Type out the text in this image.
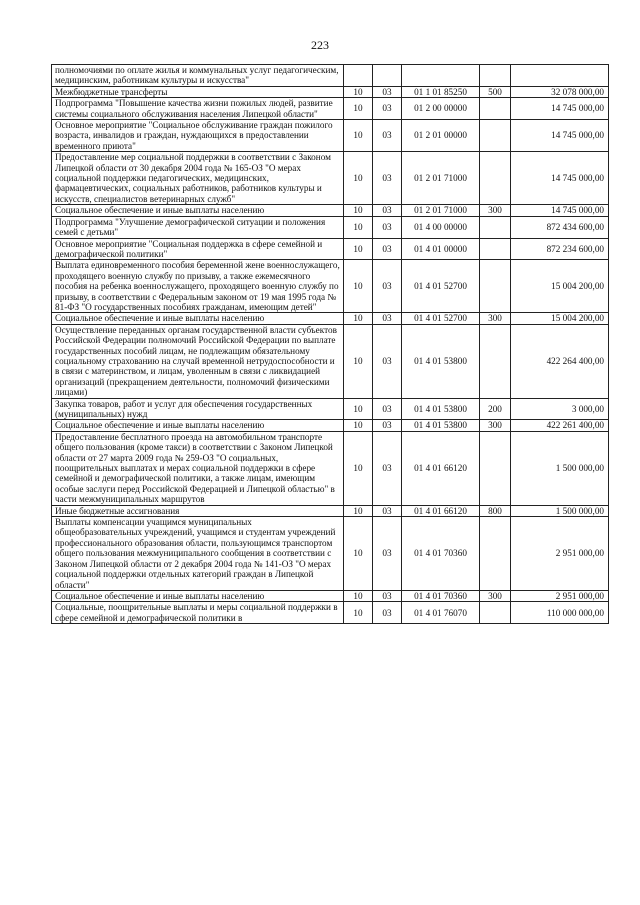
223
полномочиями по оплате жилья и коммунальных услуг педагогическим, медицинским, работникам культуры и искусства"					
Межбюджетные трансферты	10	03	01 1 01 85250	500	32 078 000,00
Подпрограмма "Повышение качества жизни пожилых людей, развитие системы социального обслуживания населения Липецкой области"	10	03	01 2 00 00000		14 745 000,00
Основное мероприятие "Социальное обслуживание граждан пожилого возраста, инвалидов и граждан, нуждающихся в предоставлении временного приюта"	10	03	01 2 01 00000		14 745 000,00
Предоставление мер социальной поддержки в соответствии с Законом Липецкой области от 30 декабря 2004 года № 165-ОЗ "О мерах социальной поддержки педагогических, медицинских, фармацевтических, социальных работников, работников культуры и искусств, специалистов ветеринарных служб"	10	03	01 2 01 71000		14 745 000,00
Социальное обеспечение и иные выплаты населению	10	03	01 2 01 71000	300	14 745 000,00
Подпрограмма "Улучшение демографической ситуации и положения семей с детьми"	10	03	01 4 00 00000		872 434 600,00
Основное мероприятие "Социальная поддержка в сфере семейной и демографической политики"	10	03	01 4 01 00000		872 234 600,00
Выплата единовременного пособия беременной жене военнослужащего, проходящего военную службу по призыву, а также ежемесячного пособия на ребенка военнослужащего, проходящего военную службу по призыву, в соответствии с Федеральным законом от 19 мая 1995 года № 81-ФЗ "О государственных пособиях гражданам, имеющим детей"	10	03	01 4 01 52700		15 004 200,00
Социальное обеспечение и иные выплаты населению	10	03	01 4 01 52700	300	15 004 200,00
Осуществление переданных органам государственной власти субъектов Российской Федерации полномочий Российской Федерации по выплате государственных пособий лицам, не подлежащим обязательному социальному страхованию на случай временной нетрудоспособности и в связи с материнством, и лицам, уволенным в связи с ликвидацией организаций (прекращением деятельности, полномочий физическими лицами)	10	03	01 4 01 53800		422 264 400,00
Закупка товаров, работ и услуг для обеспечения государственных (муниципальных) нужд	10	03	01 4 01 53800	200	3 000,00
Социальное обеспечение и иные выплаты населению	10	03	01 4 01 53800	300	422 261 400,00
Предоставление бесплатного проезда на автомобильном транспорте общего пользования (кроме такси) в соответствии с Законом Липецкой области от 27 марта 2009 года № 259-ОЗ "О социальных, поощрительных выплатах и мерах социальной поддержки в сфере семейной и демографической политики, а также лицам, имеющим особые заслуги перед Российской Федерацией и Липецкой областью" в части межмуниципальных маршрутов	10	03	01 4 01 66120		1 500 000,00
Иные бюджетные ассигнования	10	03	01 4 01 66120	800	1 500 000,00
Выплаты компенсации учащимся муниципальных общеобразовательных учреждений, учащимся и студентам учреждений профессионального образования области, пользующимся транспортом общего пользования межмуниципального сообщения в соответствии с Законом Липецкой области от 2 декабря 2004 года № 141-ОЗ "О мерах социальной поддержки отдельных категорий граждан в Липецкой области"	10	03	01 4 01 70360		2 951 000,00
Социальное обеспечение и иные выплаты населению	10	03	01 4 01 70360	300	2 951 000,00
Социальные, поощрительные выплаты и меры социальной поддержки в сфере семейной и демографической политики в	10	03	01 4 01 76070		110 000 000,00
